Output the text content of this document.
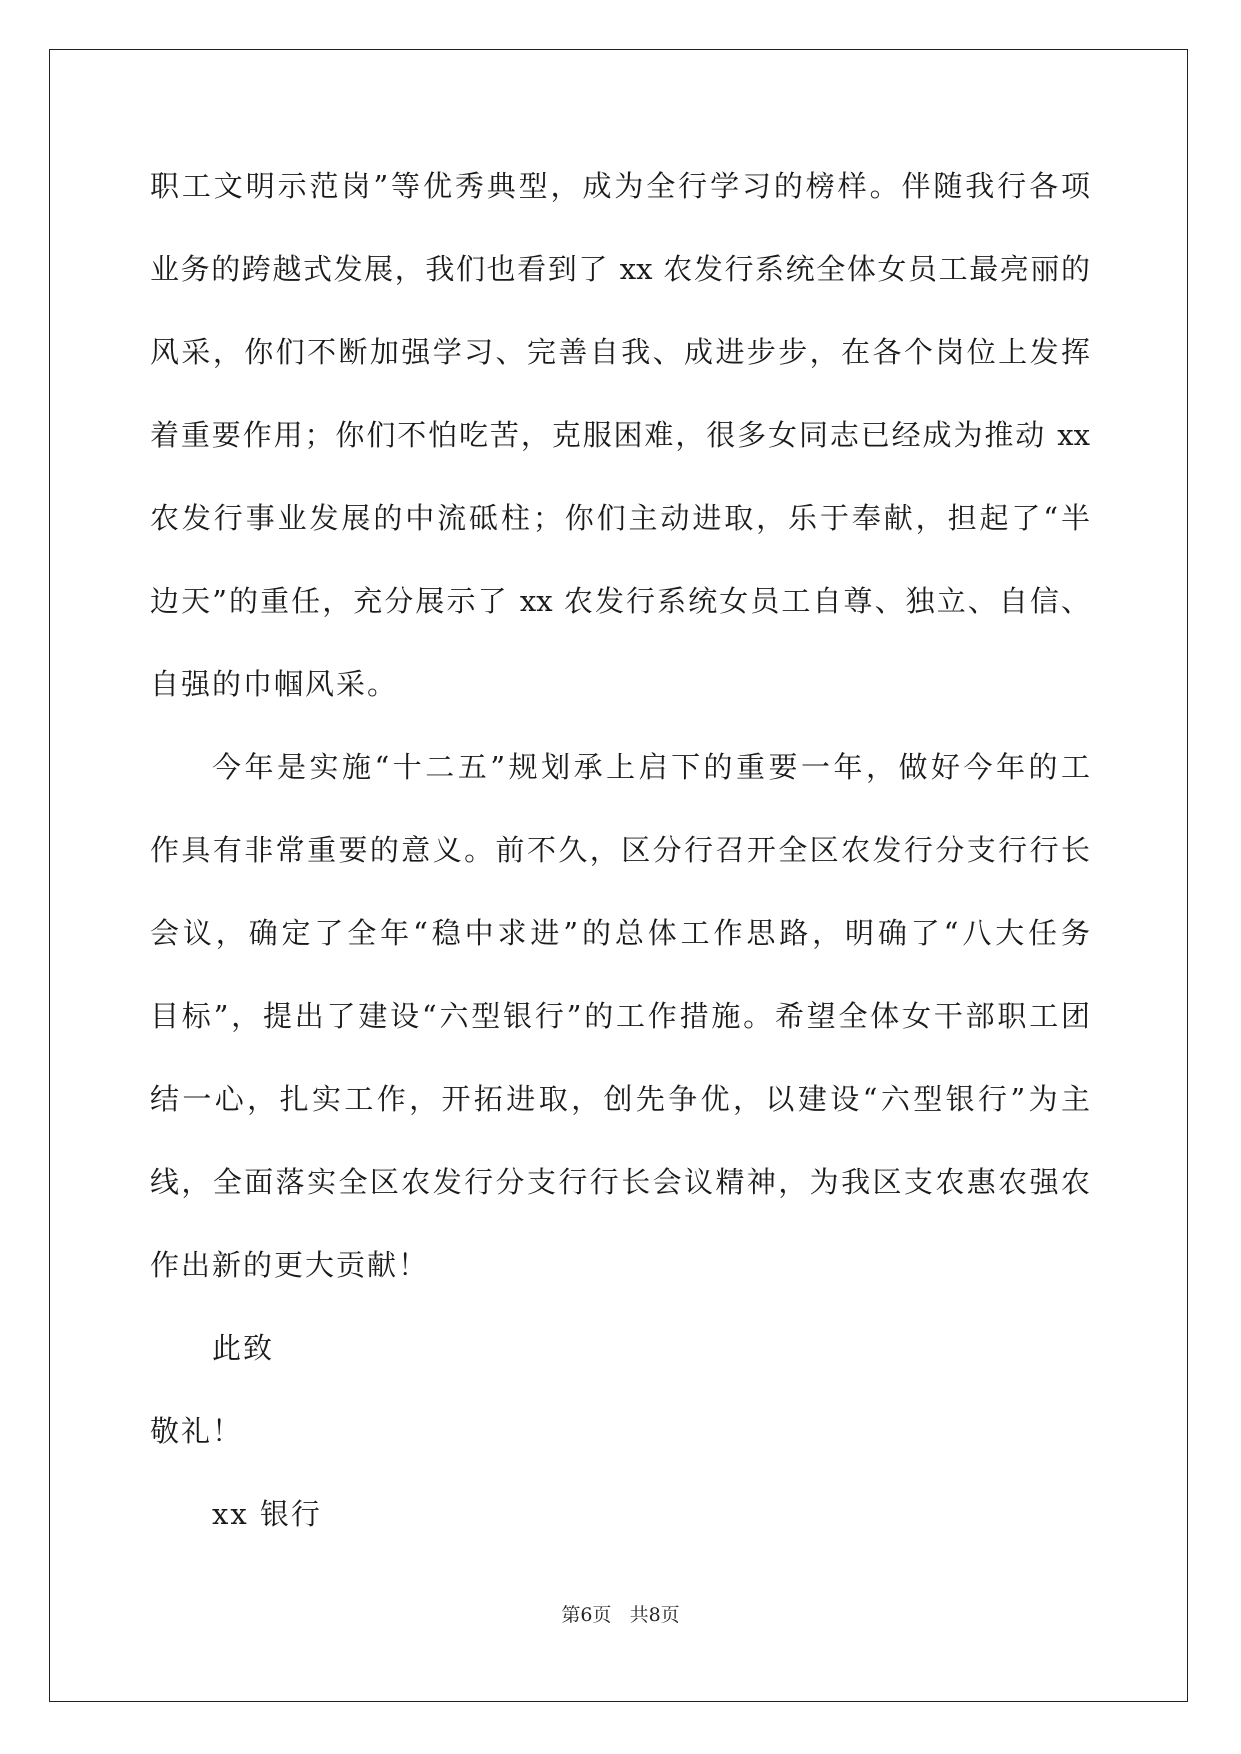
职工文明示范岗”等优秀典型，成为全行学习的榜样。伴随我行各项
业务的跨越式发展，我们也看到了 xx 农发行系统全体女员工最亮丽的
风采，你们不断加强学习、完善自我、成进步步，在各个岗位上发挥
着重要作用；你们不怕吃苦，克服困难，很多女同志已经成为推动 xx
农发行事业发展的中流砥柱；你们主动进取，乐于奉献，担起了“半
边天”的重任，充分展示了 xx 农发行系统女员工自尊、独立、自信、
自强的巾帼风采。
今年是实施“十二五”规划承上启下的重要一年，做好今年的工
作具有非常重要的意义。前不久，区分行召开全区农发行分支行行长
会议，确定了全年“稳中求进”的总体工作思路，明确了“八大任务
目标”，提出了建设“六型银行”的工作措施。希望全体女干部职工团
结一心，扎实工作，开拓进取，创先争优，以建设“六型银行”为主
线，全面落实全区农发行分支行行长会议精神，为我区支农惠农强农
作出新的更大贡献！
此致
敬礼！
xx 银行
第6页 共8页
